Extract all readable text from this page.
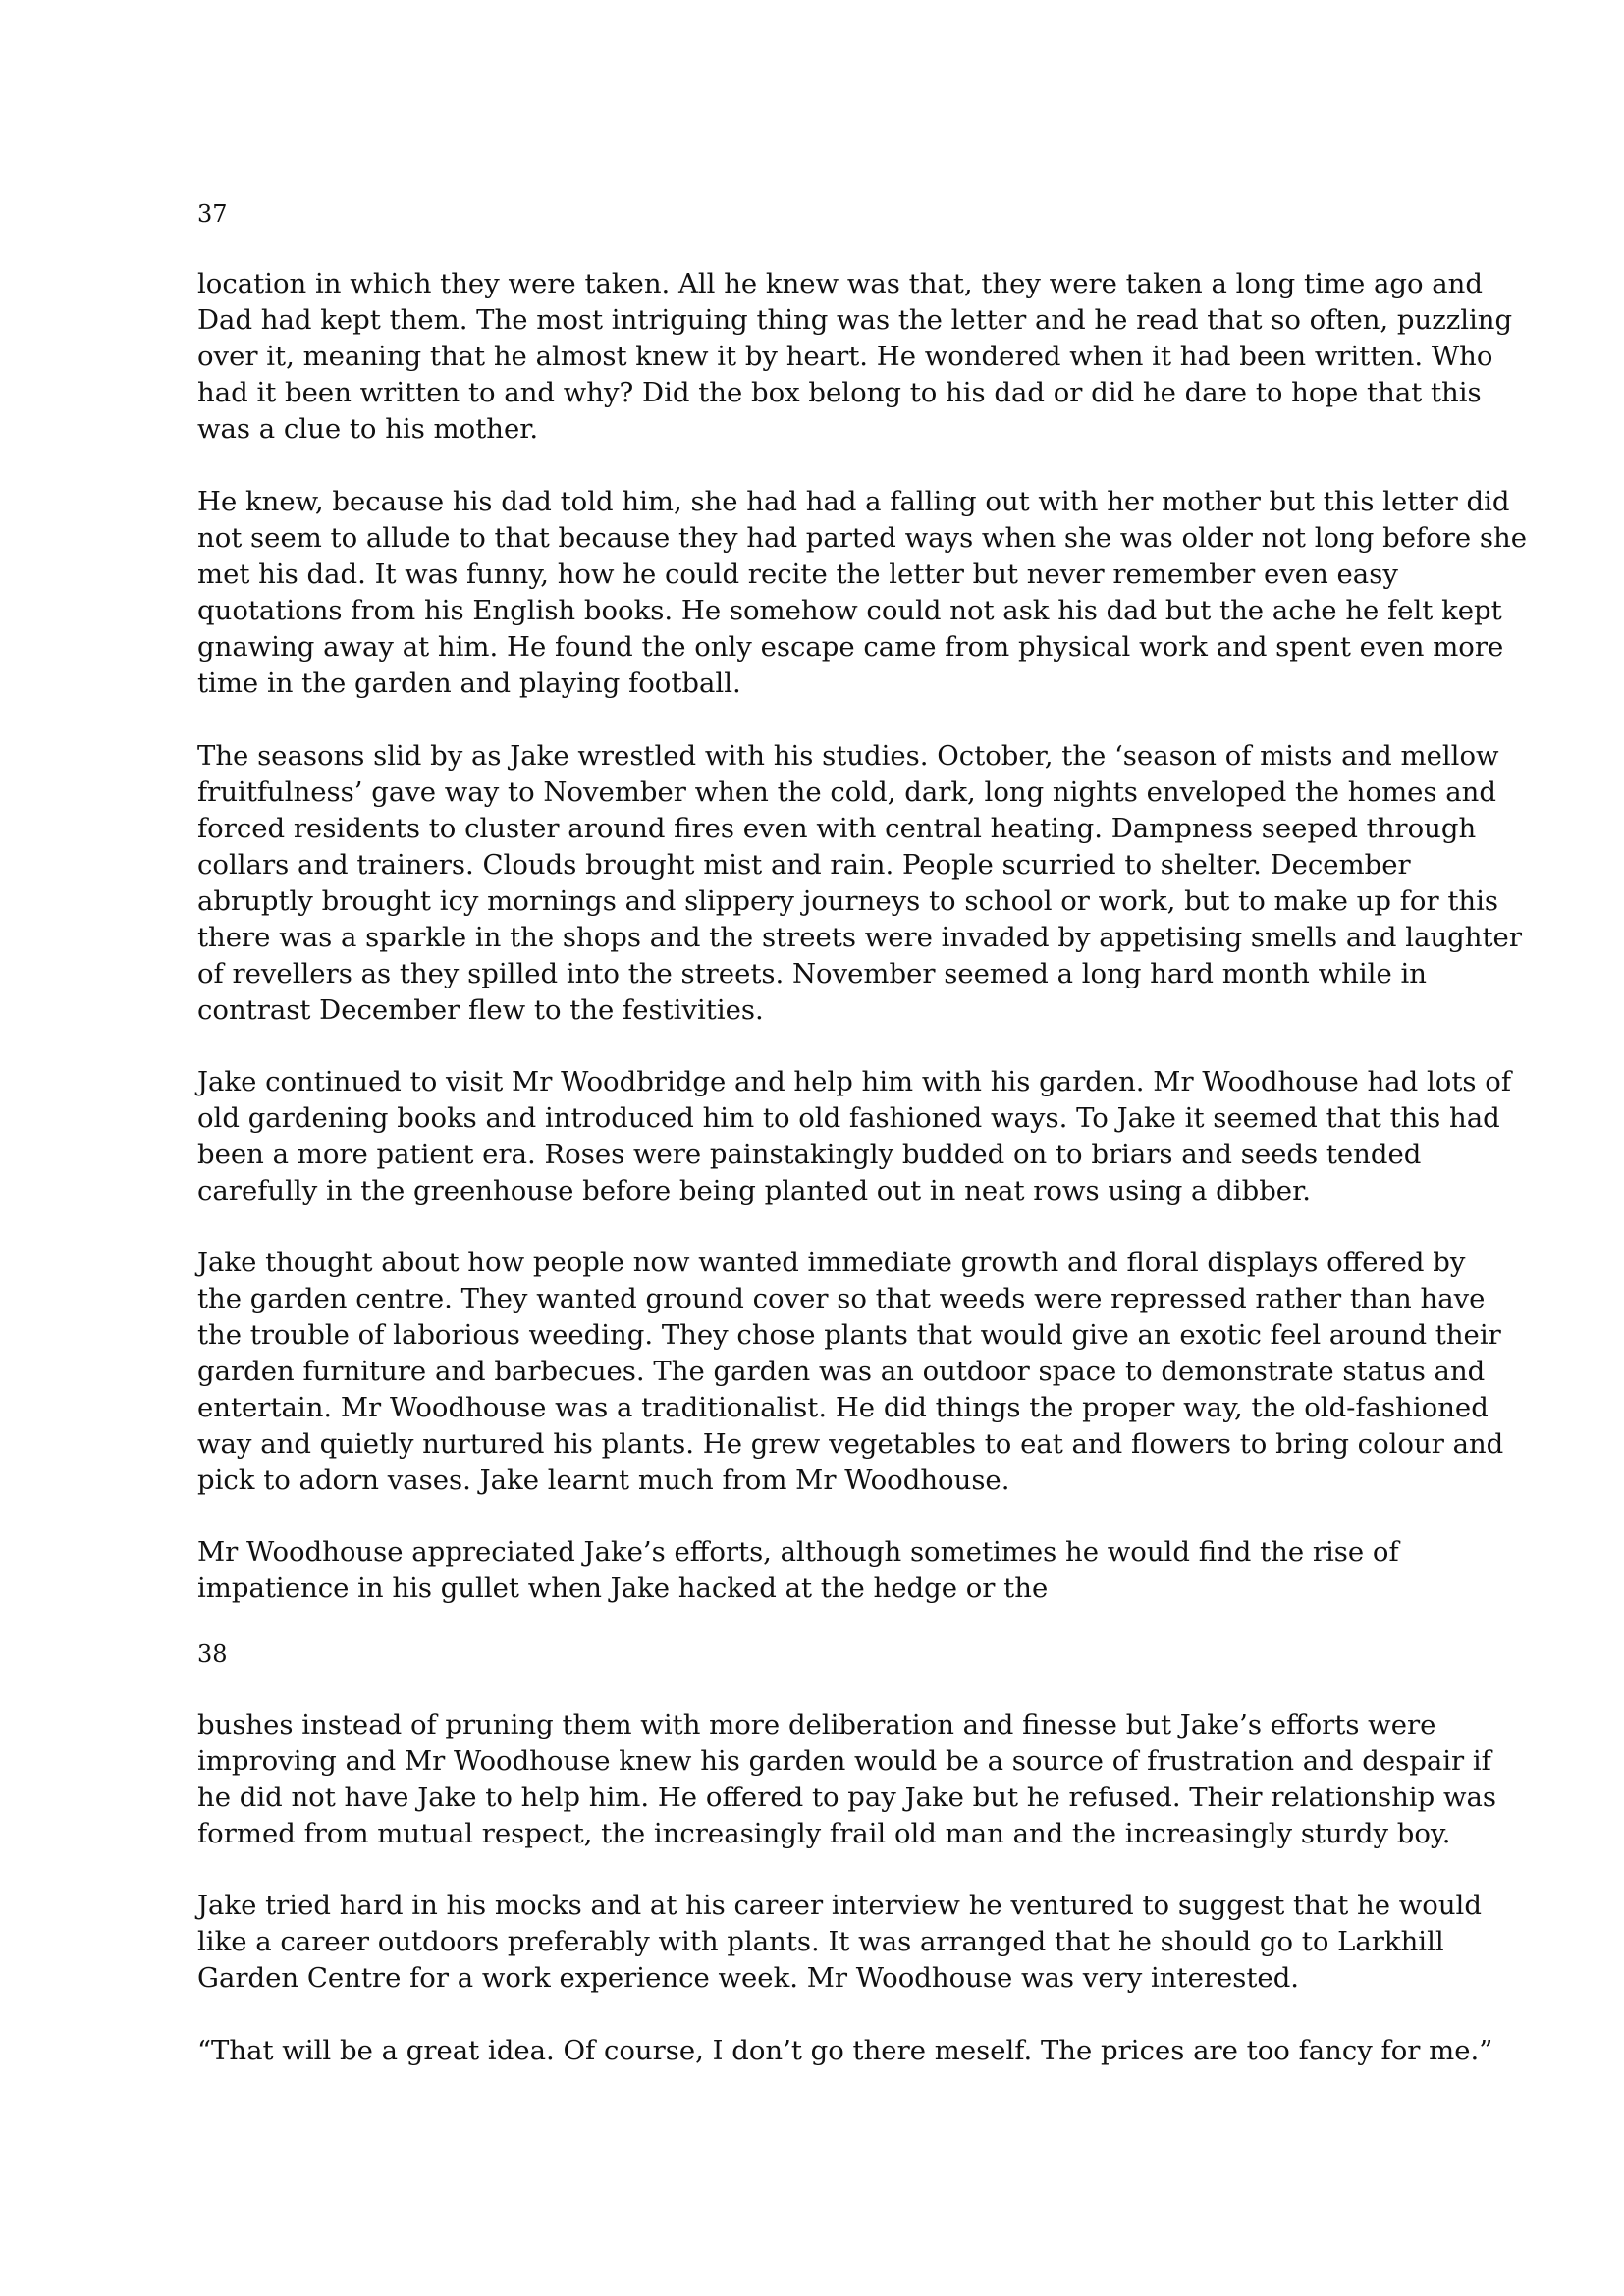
37

location in which they were taken. All he knew was that, they were taken a long time ago and

Dad had kept them. The most intriguing thing was the letter and he read that so often, puzzling

over it, meaning that he almost knew it by heart. He wondered when it had been written. Who

had it been written to and why? Did the box belong to his dad or did he dare to hope that this

was a clue to his mother.

He knew, because his dad told him, she had had a falling out with her mother but this letter did

not seem to allude to that because they had parted ways when she was older not long before she

met his dad. It was funny, how he could recite the letter but never remember even easy

quotations from his English books. He somehow could not ask his dad but the ache he felt kept

gnawing away at him. He found the only escape came from physical work and spent even more

time in the garden and playing football.

The seasons slid by as Jake wrestled with his studies. October, the ‘season of mists and mellow

fruitfulness’ gave way to November when the cold, dark, long nights enveloped the homes and

forced residents to cluster around fires even with central heating. Dampness seeped through

collars and trainers. Clouds brought mist and rain. People scurried to shelter. December

abruptly brought icy mornings and slippery journeys to school or work, but to make up for this

there was a sparkle in the shops and the streets were invaded by appetising smells and laughter

of revellers as they spilled into the streets. November seemed a long hard month while in

contrast December flew to the festivities.

Jake continued to visit Mr Woodbridge and help him with his garden. Mr Woodhouse had lots of

old gardening books and introduced him to old fashioned ways. To Jake it seemed that this had

been a more patient era. Roses were painstakingly budded on to briars and seeds tended

carefully in the greenhouse before being planted out in neat rows using a dibber.

Jake thought about how people now wanted immediate growth and floral displays offered by

the garden centre. They wanted ground cover so that weeds were repressed rather than have

the trouble of laborious weeding. They chose plants that would give an exotic feel around their

garden furniture and barbecues. The garden was an outdoor space to demonstrate status and

entertain. Mr Woodhouse was a traditionalist. He did things the proper way, the old-fashioned

way and quietly nurtured his plants. He grew vegetables to eat and flowers to bring colour and

pick to adorn vases. Jake learnt much from Mr Woodhouse.

Mr Woodhouse appreciated Jake’s efforts, although sometimes he would find the rise of

impatience in his gullet when Jake hacked at the hedge or the

38

bushes instead of pruning them with more deliberation and finesse but Jake’s efforts were

improving and Mr Woodhouse knew his garden would be a source of frustration and despair if

he did not have Jake to help him. He offered to pay Jake but he refused. Their relationship was

formed from mutual respect, the increasingly frail old man and the increasingly sturdy boy.

Jake tried hard in his mocks and at his career interview he ventured to suggest that he would

like a career outdoors preferably with plants. It was arranged that he should go to Larkhill

Garden Centre for a work experience week. Mr Woodhouse was very interested.

“That will be a great idea. Of course, I don’t go there meself. The prices are too fancy for me.”
